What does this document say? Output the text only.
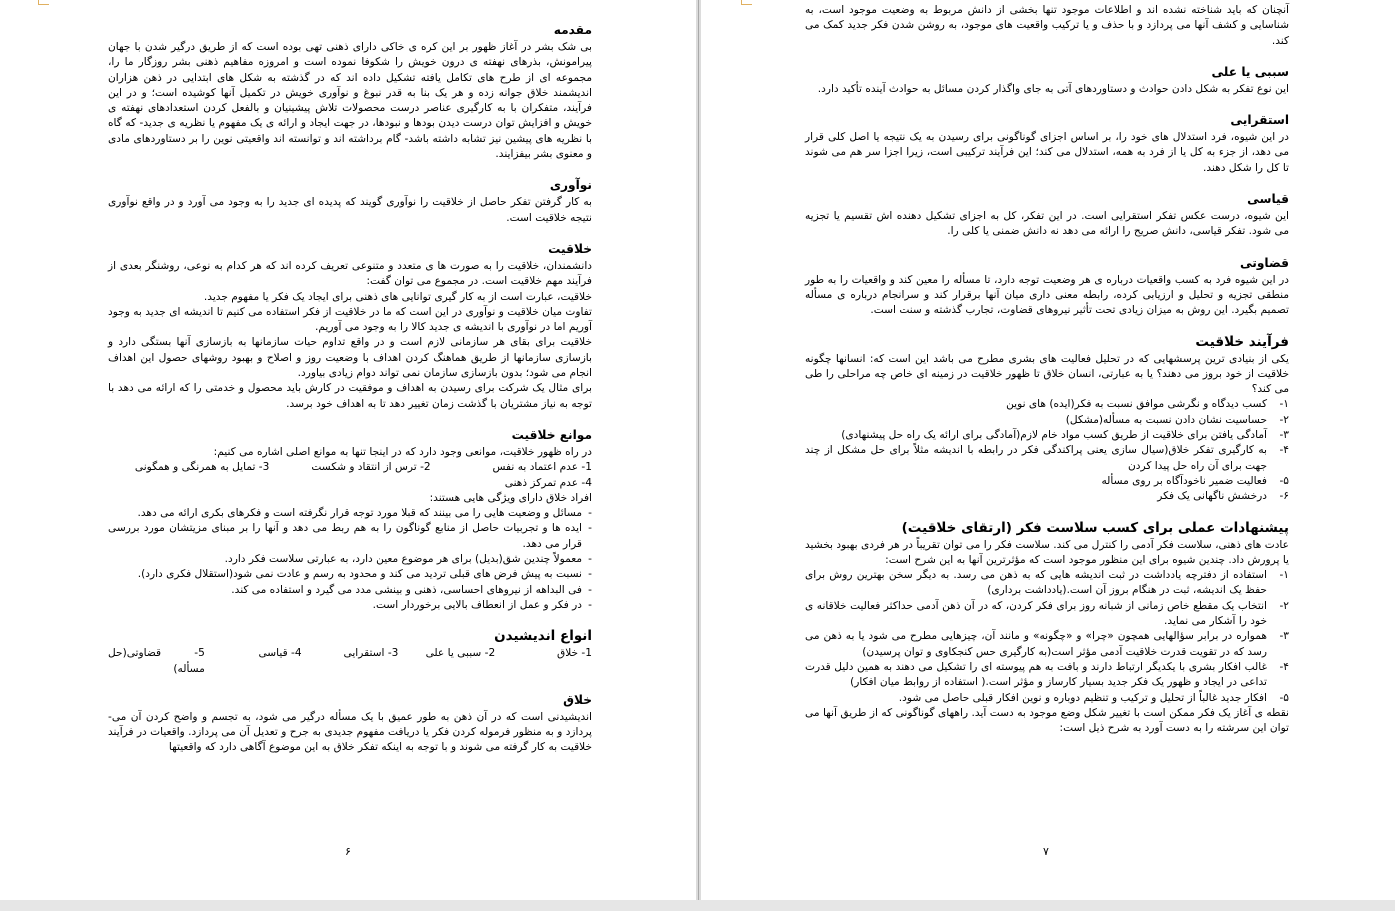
مقدمه

بی شک بشر در آغاز ظهور بر این کره ی خاکی دارای ذهنی تهی بوده است که از طریق درگیر شدن با جهان پیرامونش، بذرهای نهفته ی درون خویش را شکوفا نموده است و امروزه مفاهیم ذهنی بشر روزگار ما را، مجموعه ای از طرح های تکامل یافته تشکیل داده اند که در گذشته به شکل های ابتدایی در ذهن هزاران اندیشمند خلاق جوانه زده و هر یک بنا به قدر نبوغ و نوآوری خویش در تکمیل آنها کوشیده است؛ و در این فرآیند، متفکران با به کارگیری عناصر درست محصولات تلاش پیشینیان و بالفعل کردن استعدادهای نهفته ی خویش و افزایش توان درست دیدن بودها و نبودها، در جهت ایجاد و ارائه ی یک مفهوم یا نظریه ی جدید- که گاه با نظریه های پیشین نیز تشابه داشته باشد- گام برداشته اند و توانسته اند واقعیتی نوین را بر دستاوردهای مادی و معنوی بشر بیفزایند.

نوآوری

به کار گرفتن تفکر حاصل از خلاقیت را نوآوری گویند که پدیده ای جدید را به وجود می آورد و در واقع نوآوری نتیجه خلاقیت است.

خلاقیت

دانشمندان، خلاقیت را به صورت ها ی متعدد و متنوعی تعریف کرده اند که هر کدام به نوعی، روشنگر بعدی از فرآیند مهم خلاقیت است. در مجموع می توان گفت:

خلاقیت، عبارت است از به کار گیری توانایی های ذهنی برای ایجاد یک فکر یا مفهوم جدید.

تفاوت میان خلاقیت و نوآوری در این است که ما در خلاقیت از فکر استفاده می کنیم تا اندیشه ای جدید به وجود آوریم اما در نوآوری با اندیشه ی جدید کالا را به وجود می آوریم.

خلاقیت برای بقای هر سازمانی لازم است و در واقع تداوم حیات سازمانها به بازسازی آنها بستگی دارد و بازسازی سازمانها از طریق هماهنگ کردن اهداف با وضعیت روز و اصلاح و بهبود روشهای حصول این اهداف انجام می شود؛ بدون بازسازی سازمان نمی تواند دوام زیادی بیاورد.

برای مثال یک شرکت برای رسیدن به اهداف و موفقیت در کارش باید محصول و خدمتی را که ارائه می دهد با توجه به نیاز مشتریان با گذشت زمان تغییر دهد تا به اهداف خود برسد.

موانع خلاقیت

در راه ظهور خلاقیت، موانعی وجود دارد که در اینجا تنها به موانع اصلی اشاره می کنیم:

1- عدم اعتماد به نفس
2- ترس از انتقاد و شکست
3- تمایل به همرنگی و همگونی

4- عدم تمرکز ذهنی

افراد خلاق دارای ویژگی هایی هستند:

-
مسائل و وضعیت هایی را می بینند که قبلا مورد توجه قرار نگرفته است و فکرهای بکری ارائه می دهد.
-
ایده ها و تجربیات حاصل از منابع گوناگون را به هم ربط می دهد و آنها را بر مبنای مزیتشان مورد بررسی قرار می دهد.
-
معمولاً چندین شق(بدیل) برای هر موضوع معین دارد، به عبارتی سلاست فکر دارد.
-
نسبت به پیش فرض های قبلی تردید می کند و محدود به رسم و عادت نمی شود(استقلال فکری دارد).
-
فی البداهه از نیروهای احساسی، ذهنی و بینشی مدد می گیرد و استفاده می کند.
-
در فکر و عمل از انعطاف بالایی برخوردار است.
انواع اندیشیدن
1- خلاق
2- سببی یا علی
3- استقرایی
4- قیاسی
5- قضاوتی(حل مسأله)
خلاق

اندیشیدنی است که در آن ذهن به طور عمیق با یک مسأله درگیر می شود، به تجسم و واضح کردن آن می- پردازد و به منظور فرموله کردن فکر یا دریافت مفهوم جدیدی به جرح و تعدیل آن می پردازد. واقعیات در فرآیند خلاقیت به کار گرفته می شوند و با توجه به اینکه تفکر خلاق به این موضوع آگاهی دارد که واقعیتها

۶

آنچنان که باید شناخته نشده اند و اطلاعات موجود تنها بخشی از دانش مربوط به وضعیت موجود است، به شناسایی و کشف آنها می پردازد و با حذف و یا ترکیب واقعیت های موجود، به روشن شدن فکر جدید کمک می کند.

سببی یا علی

این نوع تفکر به شکل دادن حوادث و دستاوردهای آتی به جای واگذار کردن مسائل به حوادث آینده تأکید دارد.

استقرایی

در این شیوه، فرد استدلال های خود را، بر اساس اجزای گوناگونی برای رسیدن به یک نتیجه یا اصل کلی قرار می دهد، از جزء به کل یا از فرد به همه، استدلال می کند؛ این فرآیند ترکیبی است، زیرا اجزا سر هم می شوند تا کل را شکل دهند.

قیاسی

این شیوه، درست عکس تفکر استقرایی است. در این تفکر، کل به اجزای تشکیل دهنده اش تقسیم یا تجزیه می شود. تفکر قیاسی، دانش صریح را ارائه می دهد نه دانش ضمنی یا کلی را.

قضاوتی

در این شیوه فرد به کسب واقعیات درباره ی هر وضعیت توجه دارد، تا مسأله را معین کند و واقعیات را به طور منطقی تجزیه و تحلیل و ارزیابی کرده، رابطه معنی داری میان آنها برقرار کند و سرانجام درباره ی مسأله تصمیم بگیرد. این روش به میزان زیادی تحت تأثیر نیروهای قضاوت، تجارب گذشته و سنت است.

فرآیند خلاقیت

یکی از بنیادی ترین پرسشهایی که در تحلیل فعالیت های بشری مطرح می باشد این است که: انسانها چگونه خلاقیت از خود بروز می دهند؟ یا به عبارتی، انسان خلاق تا ظهور خلاقیت در زمینه ای خاص چه مراحلی را طی می کند؟

۱-
کسب دیدگاه و نگرشی موافق نسبت به فکر(ایده) های نوین
۲-
حساسیت نشان دادن نسبت به مسأله(مشکل)
۳-
آمادگی یافتن برای خلاقیت از طریق کسب مواد خام لازم(آمادگی برای ارائه یک راه حل پیشنهادی)
۴-
به کارگیری تفکر خلاق(سیال سازی یعنی پراکندگی فکر در رابطه با اندیشه مثلاً برای حل مشکل از چند جهت برای آن راه حل پیدا کردن
۵-
فعالیت ضمیر ناخودآگاه بر روی مسأله
۶-
درخشش ناگهانی یک فکر
پیشنهادات عملی برای کسب سلاست فکر (ارتقای خلاقیت)

عادت های ذهنی، سلاست فکر آدمی را کنترل می کند. سلاست فکر را می توان تقریباً در هر فردی بهبود بخشید یا پرورش داد. چندین شیوه برای این منظور موجود است که مؤثرترین آنها به این شرح است:

۱-
استفاده از دفترچه یادداشت در ثبت اندیشه هایی که به ذهن می رسد. به دیگر سخن بهترین روش برای حفظ یک اندیشه، ثبت در هنگام بروز آن است.(یادداشت برداری)
۲-
انتخاب یک مقطع خاص زمانی از شبانه روز برای فکر کردن، که در آن ذهن آدمی حداکثر فعالیت خلاقانه ی خود را آشکار می نماید.
۳-
همواره در برابر سؤالهایی همچون «چرا» و «چگونه» و مانند آن، چیزهایی مطرح می شود یا به ذهن می رسد که در تقویت قدرت خلاقیت آدمی مؤثر است(به کارگیری حس کنجکاوی و توان پرسیدن)
۴-
غالب افکار بشری با یکدیگر ارتباط دارند و بافت به هم پیوسته ای را تشکیل می دهند به همین دلیل قدرت تداعی در ایجاد و ظهور یک فکر جدید بسیار کارساز و مؤثر است.( استفاده از روابط میان افکار)
۵-
افکار جدید غالباً از تحلیل و ترکیب و تنظیم دوباره و نوین افکار قبلی حاصل می شود.

نقطه ی آغاز یک فکر ممکن است با تغییر شکل وضع موجود به دست آید. راههای گوناگونی که از طریق آنها می توان این سرشته را به دست آورد به شرح ذیل است:

۷
